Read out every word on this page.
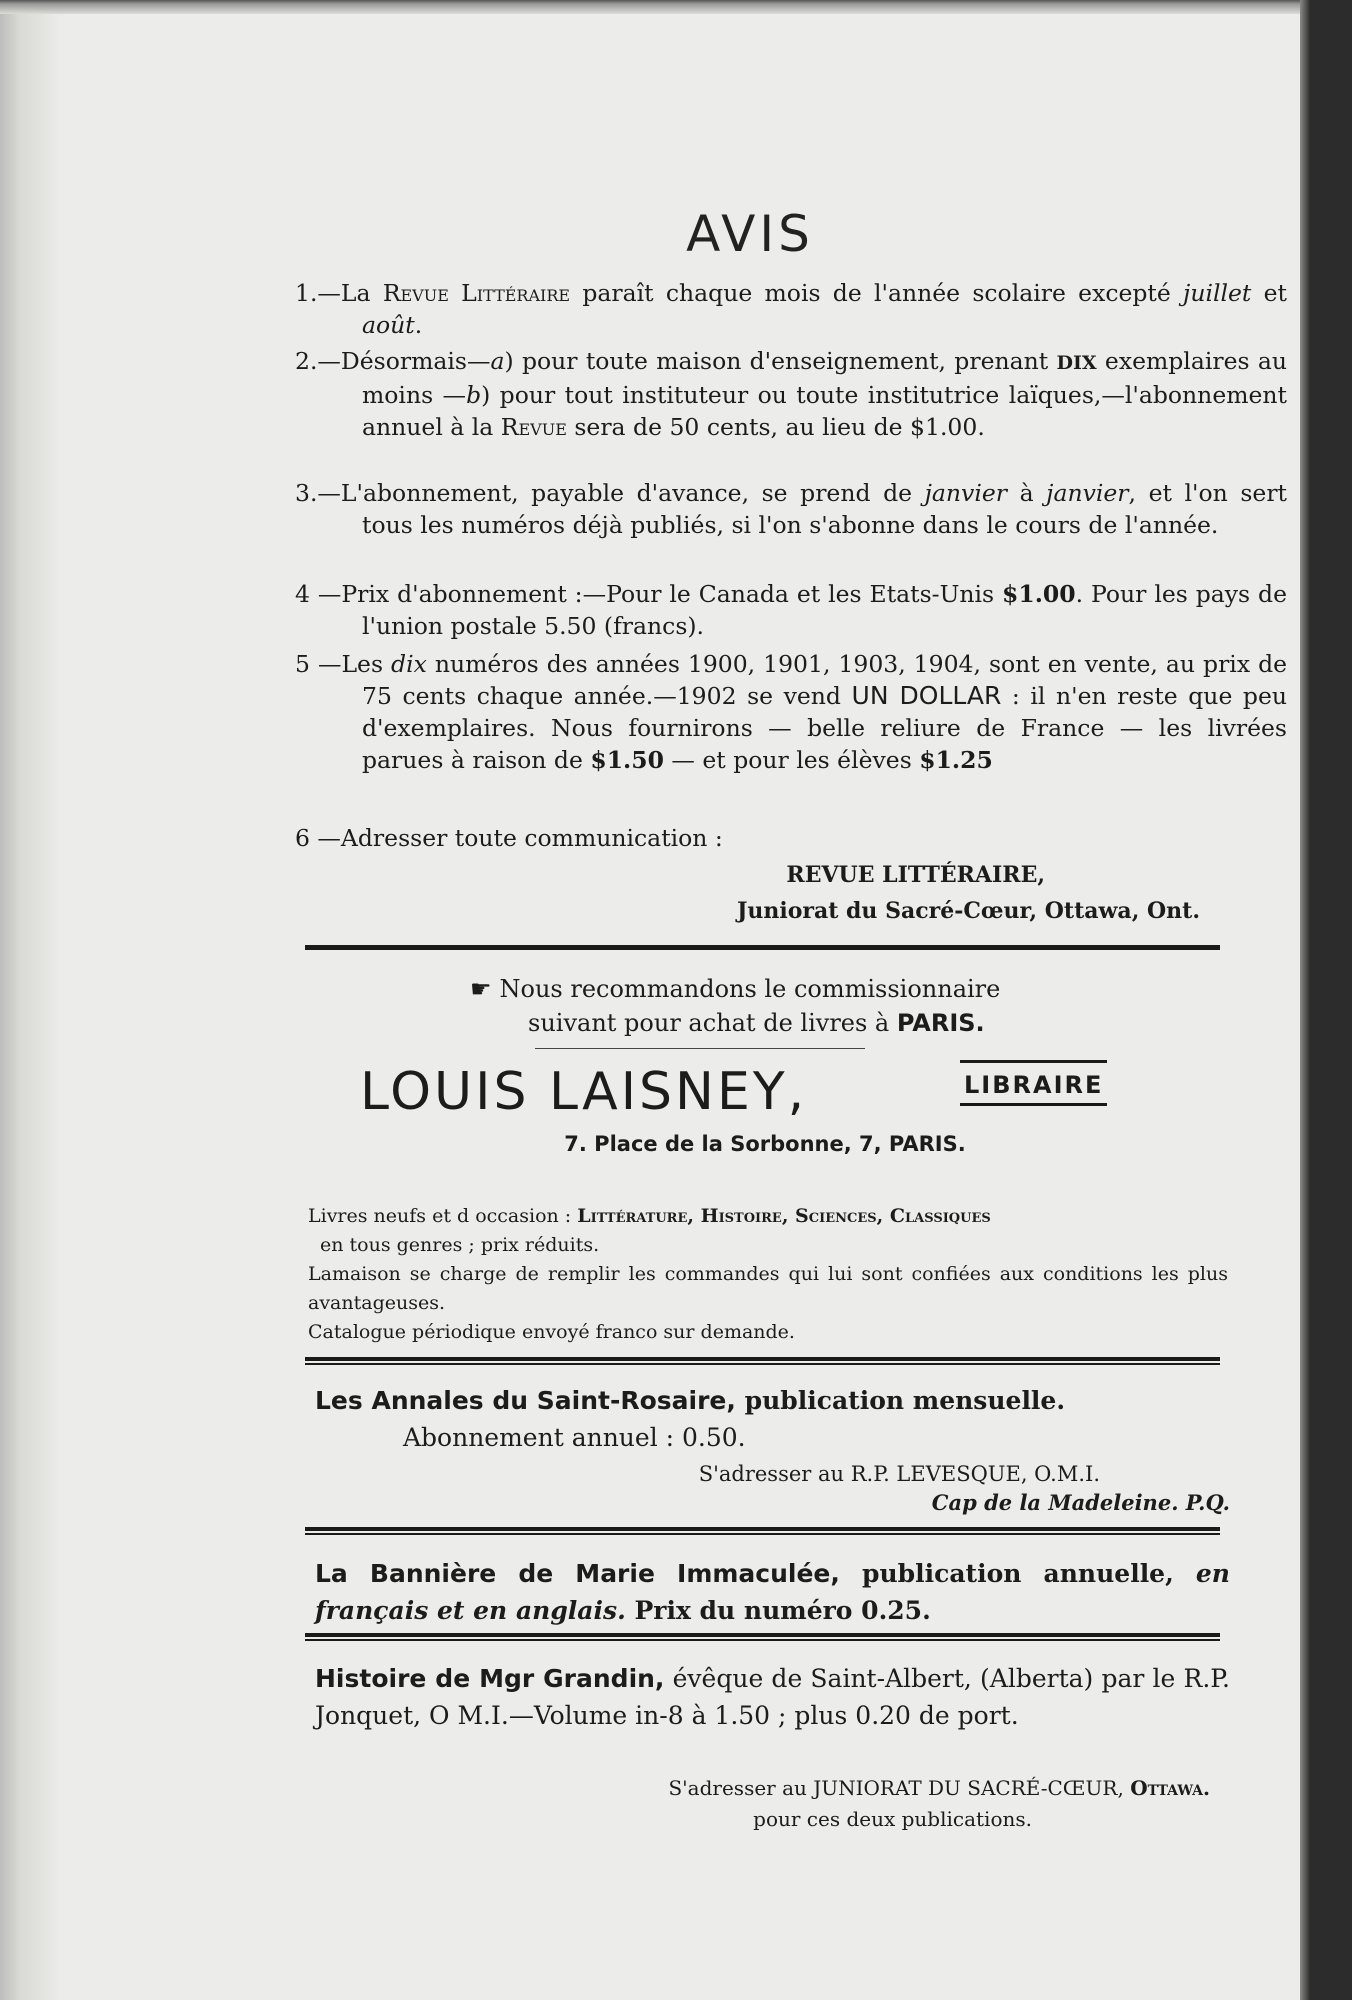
AVIS
1.—La Revue Littéraire paraît chaque mois de l'année scolaire excepté juillet et août.
2.—Désormais—a) pour toute maison d'enseignement, prenant DIX exemplaires au moins —b) pour tout instituteur ou toute institutrice laïques,—l'abonnement annuel à la Revue sera de 50 cents, au lieu de $1.00.
3.—L'abonnement, payable d'avance, se prend de janvier à janvier, et l'on sert tous les numéros déjà publiés, si l'on s'abonne dans le cours de l'année.
4 —Prix d'abonnement :—Pour le Canada et les Etats-Unis $1.00. Pour les pays de l'union postale 5.50 (francs).
5 —Les dix numéros des années 1900, 1901, 1903, 1904, sont en vente, au prix de 75 cents chaque année.—1902 se vend UN DOLLAR : il n'en reste que peu d'exemplaires. Nous fournirons — belle reliure de France — les livrées parues à raison de $1.50 — et pour les élèves $1.25
6 —Adresser toute communication :
REVUE LITTÉRAIRE,
Juniorat du Sacré-Cœur, Ottawa, Ont.
☛ Nous recommandons le commissionnaire
suivant pour achat de livres à PARIS.
LOUIS LAISNEY,	LIBRAIRE
7. Place de la Sorbonne, 7, PARIS.
Livres neufs et d occasion : Littérature, Histoire, Sciences, Classiques
en tous genres ; prix réduits.
Lamaison se charge de remplir les commandes qui lui sont confiées aux conditions les plus avantageuses.
Catalogue périodique envoyé franco sur demande.
Les Annales du Saint-Rosaire, publication mensuelle.
Abonnement annuel : 0.50.
S'adresser au R.P. LEVESQUE, O.M.I.
Cap de la Madeleine. P.Q.
La Bannière de Marie Immaculée, publication annuelle, en français et en anglais. Prix du numéro 0.25.
Histoire de Mgr Grandin, évêque de Saint-Albert, (Alberta) par le R.P. Jonquet, O M.I.—Volume in-8 à 1.50 ; plus 0.20 de port.
S'adresser au JUNIORAT DU SACRÉ-CŒUR, Ottawa.
pour ces deux publications.
